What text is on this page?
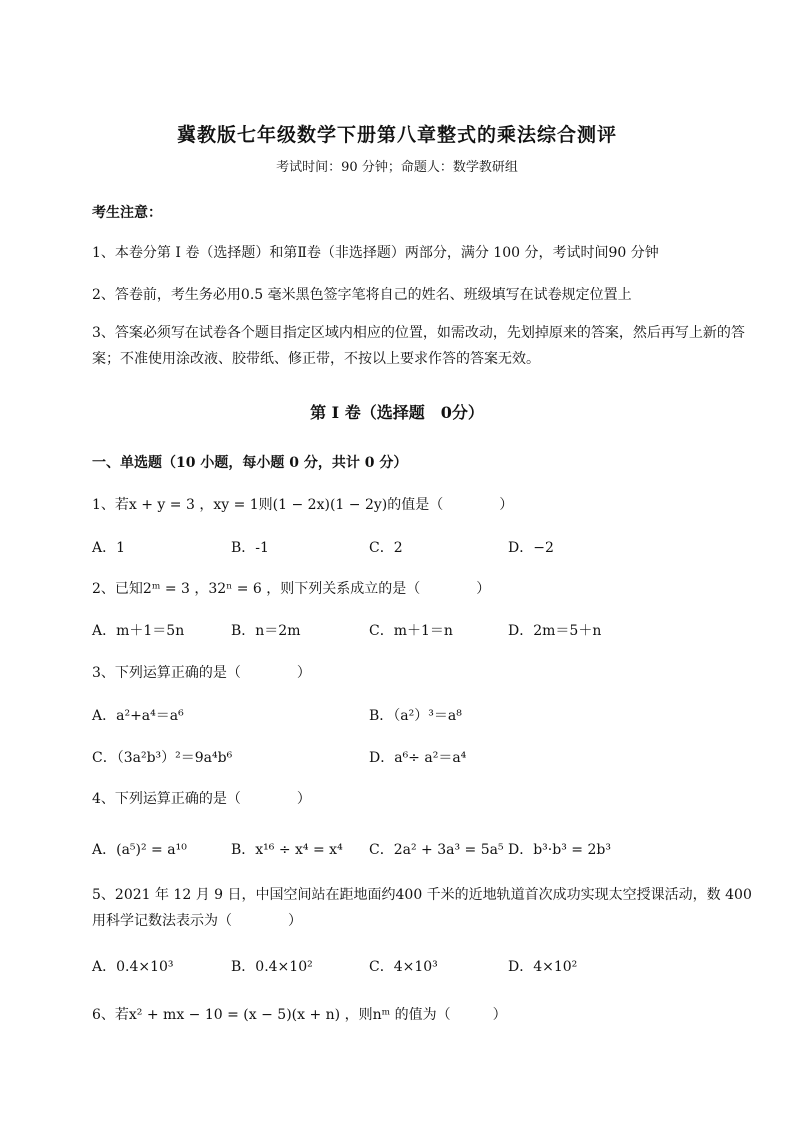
冀教版七年级数学下册第八章整式的乘法综合测评
考试时间：90 分钟；命题人：数学教研组
考生注意：
1、本卷分第 I 卷（选择题）和第Ⅱ卷（非选择题）两部分，满分 100 分，考试时间90 分钟
2、答卷前，考生务必用0.5 毫米黑色签字笔将自己的姓名、班级填写在试卷规定位置上
3、答案必须写在试卷各个题目指定区域内相应的位置，如需改动，先划掉原来的答案，然后再写上新的答案；不准使用涂改液、胶带纸、修正带，不按以上要求作答的答案无效。
第 I 卷（选择题　0分）
一、单选题（10 小题，每小题 0 分，共计 0 分）
1、若x + y = 3 ，xy = 1则(1 − 2x)(1 − 2y)的值是（　　　　）
A．1	B．-1	C．2	D．−2
2、已知2ᵐ = 3 ，32ⁿ = 6 ，则下列关系成立的是（　　　　）
A．m＋1＝5n	B．n＝2m	C．m＋1＝n	D．2m＝5＋n
3、下列运算正确的是（　　　　）
A．a²+a⁴＝a⁶	B．（a²）³＝a⁸
C．（3a²b³）²＝9a⁴b⁶	D．a⁶÷ a²＝a⁴
4、下列运算正确的是（　　　　）
A．(a⁵)² = a¹⁰	B．x¹⁶ ÷ x⁴ = x⁴ C．2a² + 3a³ = 5a⁵ D．b³·b³ = 2b³
5、2021 年 12 月 9 日，中国空间站在距地面约400 千米的近地轨道首次成功实现太空授课活动，数 400 用科学记数法表示为（　　　　）
A．0.4×10³	B．0.4×10²	C．4×10³	D．4×10²
6、若x² + mx − 10 = (x − 5)(x + n) ，则nᵐ 的值为（　　　）
